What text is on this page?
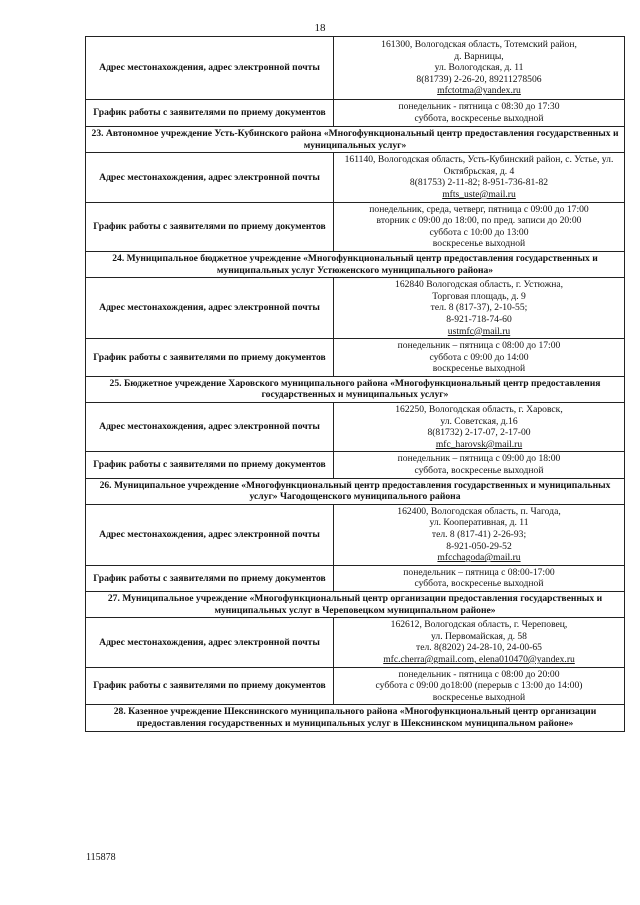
18
Адрес местонахождения, адрес электронной почты	161300, Вологодская область, Тотемский район,
д. Варницы,
ул. Вологодская, д. 11
8(81739) 2-26-20, 89211278506
mfctotma@yandex.ru

График работы с заявителями по приему документов	понедельник - пятница с 08:30 до 17:30
суббота, воскресенье выходной

23. Автономное учреждение Усть-Кубинского района «Многофункциональный центр предоставления государственных и муниципальных услуг»	
Адрес местонахождения, адрес электронной почты	161140, Вологодская область, Усть-Кубинский район, с. Устье, ул. Октябрьская, д. 4
8(81753) 2-11-82; 8-951-736-81-82
mfts_uste@mail.ru

График работы с заявителями по приему документов	понедельник, среда, четверг, пятница с 09:00 до 17:00
вторник с 09:00 до 18:00, по пред. записи до 20:00
суббота с 10:00 до 13:00
воскресенье выходной

24. Муниципальное бюджетное учреждение «Многофункциональный центр предоставления государственных и муниципальных услуг Устюженского муниципального района»	
Адрес местонахождения, адрес электронной почты	162840 Вологодская область, г. Устюжна,
Торговая площадь, д. 9
тел. 8 (817-37), 2-10-55;
8-921-718-74-60
ustmfc@mail.ru

График работы с заявителями по приему документов	понедельник – пятница с 08:00 до 17:00
суббота с 09:00 до 14:00
воскресенье выходной

25. Бюджетное учреждение Харовского муниципального района «Многофункциональный центр предоставления государственных и муниципальных услуг»	
Адрес местонахождения, адрес электронной почты	162250, Вологодская область, г. Харовск,
ул. Советская, д.16
8(81732) 2-17-07, 2-17-00
mfc_harovsk@mail.ru

График работы с заявителями по приему документов	понедельник – пятница с 09:00 до 18:00
суббота, воскресенье выходной

26. Муниципальное учреждение «Многофункциональный центр предоставления государственных и муниципальных услуг» Чагодощенского муниципального района	
Адрес местонахождения, адрес электронной почты	162400, Вологодская область, п. Чагода,
ул. Кооперативная, д. 11
тел. 8 (817-41) 2-26-93;
8-921-050-29-52
mfcchagoda@mail.ru

График работы с заявителями по приему документов	понедельник – пятница с 08:00-17:00
суббота, воскресенье выходной

27. Муниципальное учреждение «Многофункциональный центр организации предоставления государственных и муниципальных услуг в Череповецком муниципальном районе»	
Адрес местонахождения, адрес электронной почты	162612, Вологодская область, г. Череповец,
ул. Первомайская, д. 58
тел. 8(8202) 24-28-10, 24-00-65
mfc.cherra@gmail.com, elena010470@yandex.ru

График работы с заявителями по приему документов	понедельник - пятница с 08:00 до 20:00
суббота с 09:00 до18:00 (перерыв с 13:00 до 14:00)
воскресенье выходной

28. Казенное учреждение Шекснинского муниципального района «Многофункциональный центр организации предоставления государственных и муниципальных услуг в Шекснинском муниципальном районе»	
115878
